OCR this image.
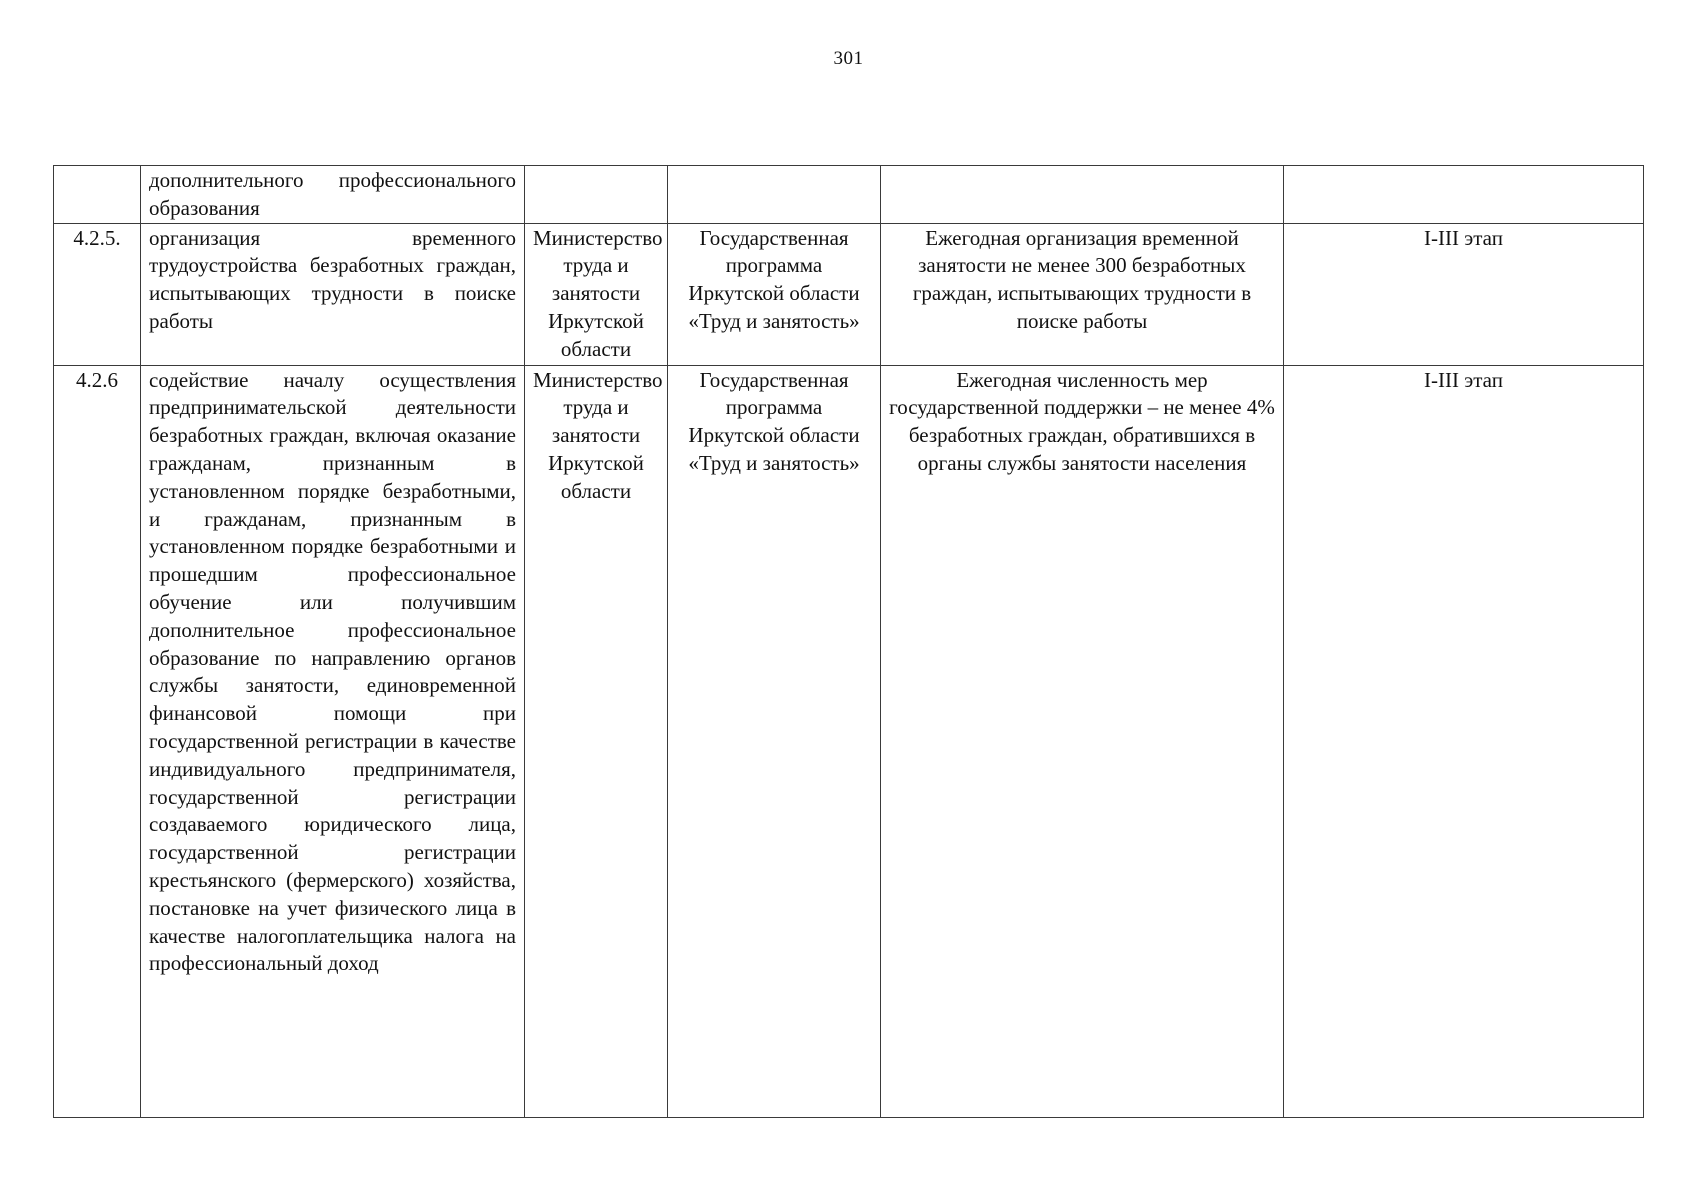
301
	дополнительного профессионального образования				
4.2.5.	организация временного трудоустройства безработных граждан, испытывающих трудности в поиске работы	Министерство труда и занятости Иркутской области	Государственная программа Иркутской области «Труд и занятость»	Ежегодная организация временной занятости не менее 300 безработных граждан, испытывающих трудности в поиске работы	I-III этап
4.2.6	содействие началу осуществления предпринимательской деятельности безработных граждан, включая оказание гражданам, признанным в установленном порядке безработными, и гражданам, признанным в установленном порядке безработными и прошедшим профессиональное обучение или получившим дополнительное профессиональное образование по направлению органов службы занятости, единовременной финансовой помощи при государственной регистрации в качестве индивидуального предпринимателя, государственной регистрации создаваемого юридического лица, государственной регистрации крестьянского (фермерского) хозяйства, постановке на учет физического лица в качестве налогоплательщика налога на профессиональный доход	Министерство труда и занятости Иркутской области	Государственная программа Иркутской области «Труд и занятость»	Ежегодная численность мер государственной поддержки – не менее 4% безработных граждан, обратившихся в органы службы занятости населения	I-III этап
